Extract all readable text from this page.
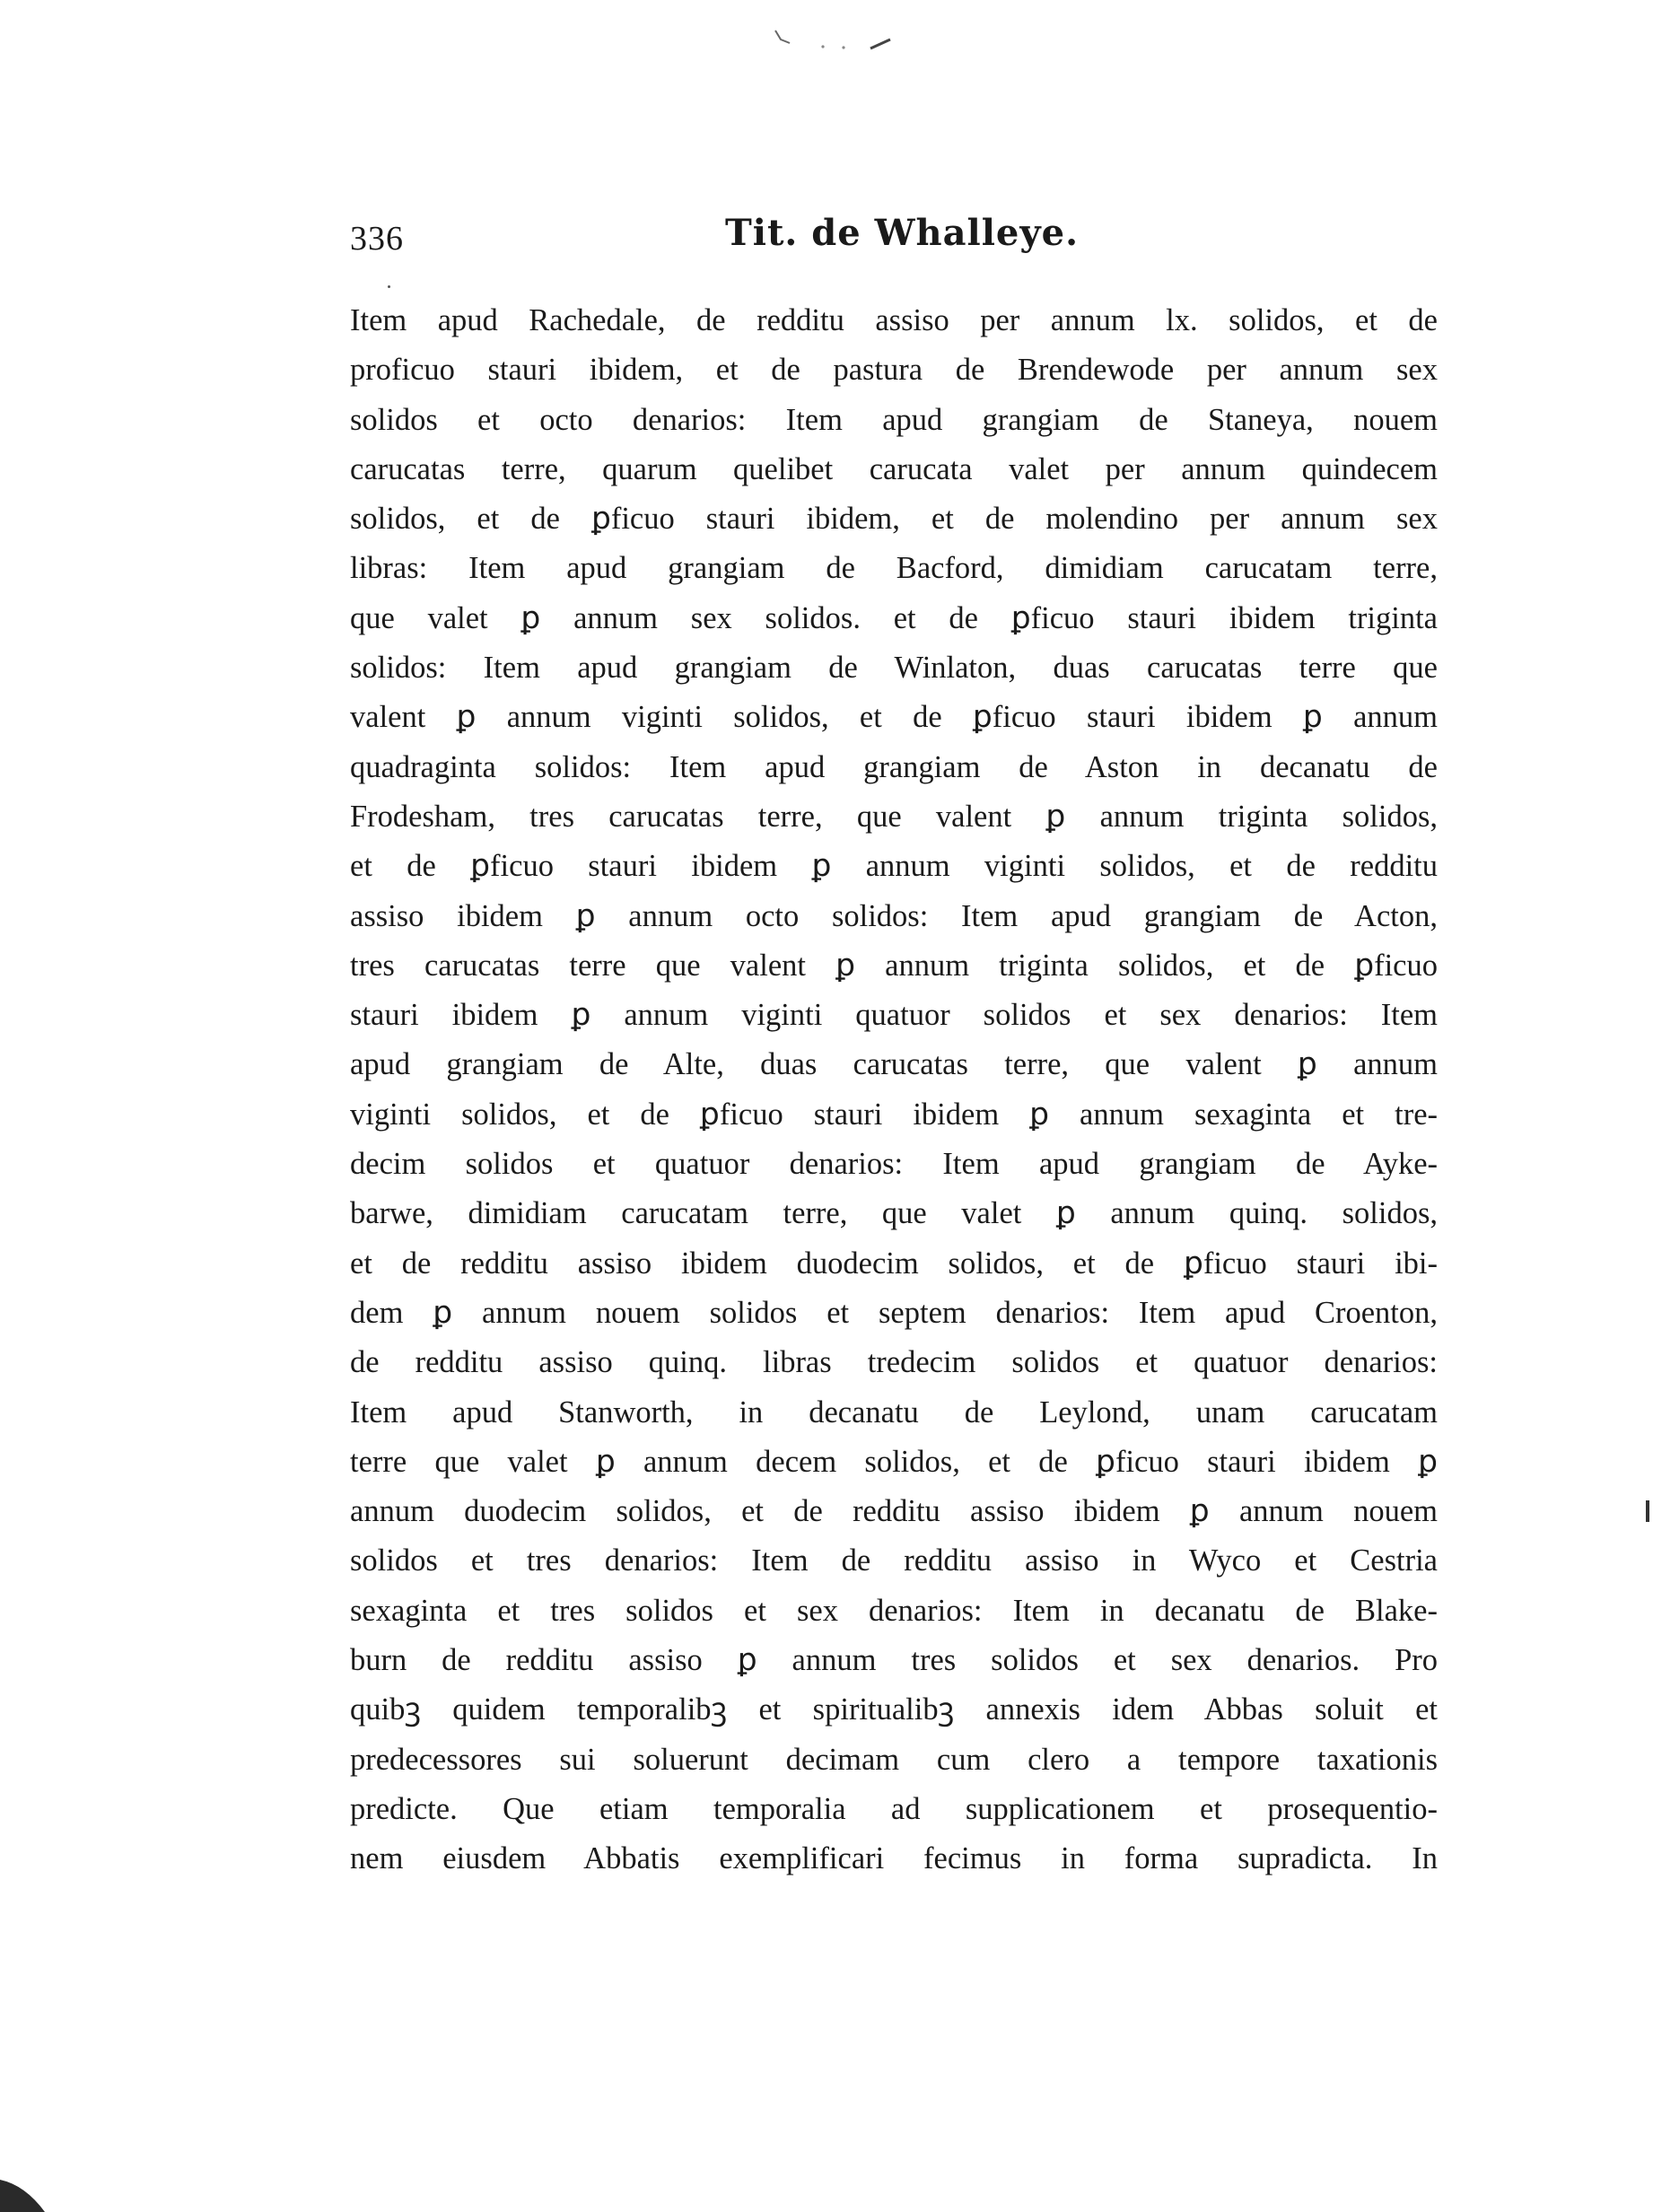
336	Tit. de Whalleye.
Item apud Rachedale, de redditu assiso per annum lx. solidos, et de
proficuo stauri ibidem, et de pastura de Brendewode per annum sex
solidos et octo denarios: Item apud grangiam de Staneya, nouem
carucatas terre, quarum quelibet carucata valet per annum quindecem
solidos, et de ꝑficuo stauri ibidem, et de molendino per annum sex
libras: Item apud grangiam de Bacford, dimidiam carucatam terre,
que valet ꝑ annum sex solidos. et de ꝑficuo stauri ibidem triginta
solidos: Item apud grangiam de Winlaton, duas carucatas terre que
valent ꝑ annum viginti solidos, et de ꝑficuo stauri ibidem ꝑ annum
quadraginta solidos: Item apud grangiam de Aston in decanatu de
Frodesham, tres carucatas terre, que valent ꝑ annum triginta solidos,
et de ꝑficuo stauri ibidem ꝑ annum viginti solidos, et de redditu
assiso ibidem ꝑ annum octo solidos: Item apud grangiam de Acton,
tres carucatas terre que valent ꝑ annum triginta solidos, et de ꝑficuo
stauri ibidem ꝑ annum viginti quatuor solidos et sex denarios: Item
apud grangiam de Alte, duas carucatas terre, que valent ꝑ annum
viginti solidos, et de ꝑficuo stauri ibidem ꝑ annum sexaginta et tre-
decim solidos et quatuor denarios: Item apud grangiam de Ayke-
barwe, dimidiam carucatam terre, que valet ꝑ annum quinq. solidos,
et de redditu assiso ibidem duodecim solidos, et de ꝑficuo stauri ibi-
dem ꝑ annum nouem solidos et septem denarios: Item apud Croenton,
de redditu assiso quinq. libras tredecim solidos et quatuor denarios:
Item apud Stanworth, in decanatu de Leylond, unam carucatam
terre que valet ꝑ annum decem solidos, et de ꝑficuo stauri ibidem ꝑ
annum duodecim solidos, et de redditu assiso ibidem ꝑ annum nouem
solidos et tres denarios: Item de redditu assiso in Wyco et Cestria
sexaginta et tres solidos et sex denarios: Item in decanatu de Blake-
burn de redditu assiso ꝑ annum tres solidos et sex denarios. Pro
quibꝫ quidem temporalibꝫ et spiritualibꝫ annexis idem Abbas soluit et
predecessores sui soluerunt decimam cum clero a tempore taxationis
predicte. Que etiam temporalia ad supplicationem et prosequentio-
nem eiusdem Abbatis exemplificari fecimus in forma supradicta. In
